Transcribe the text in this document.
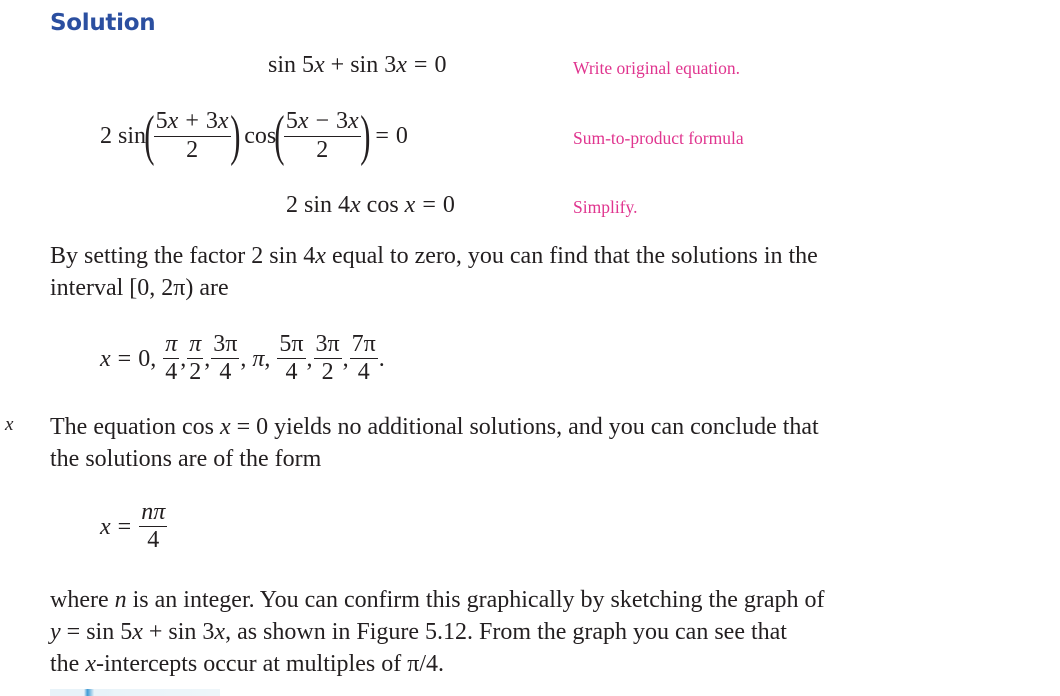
Solution
sin 5x + sin 3x = 0	Write original equation.
2 sin
( $\frac{5x + 3x}{2}$ ) cos
( $\frac{5x - 3x}{2}$ ) = 0	Sum-to-product formula
2 sin 4x cos x = 0	Simplify.
By setting the factor 2 sin 4x equal to zero, you can find that the solutions in the
interval [0, 2π) are
x = 0 , $\frac{\pi}{4}$ , $\frac{\pi}{2}$ , $\frac{3\pi}{4}$ , π , $\frac{5\pi}{4}$ , $\frac{3\pi}{2}$ , $\frac{7\pi}{4}$ .
x The equation cos x = 0 yields no additional solutions, and you can conclude that
the solutions are of the form
$x = \frac{n\pi}{4}$
where n is an integer. You can confirm this graphically by sketching the graph of
y = sin 5x + sin 3x, as shown in Figure 5.12. From the graph you can see that
the x-intercepts occur at multiples of π/4.
